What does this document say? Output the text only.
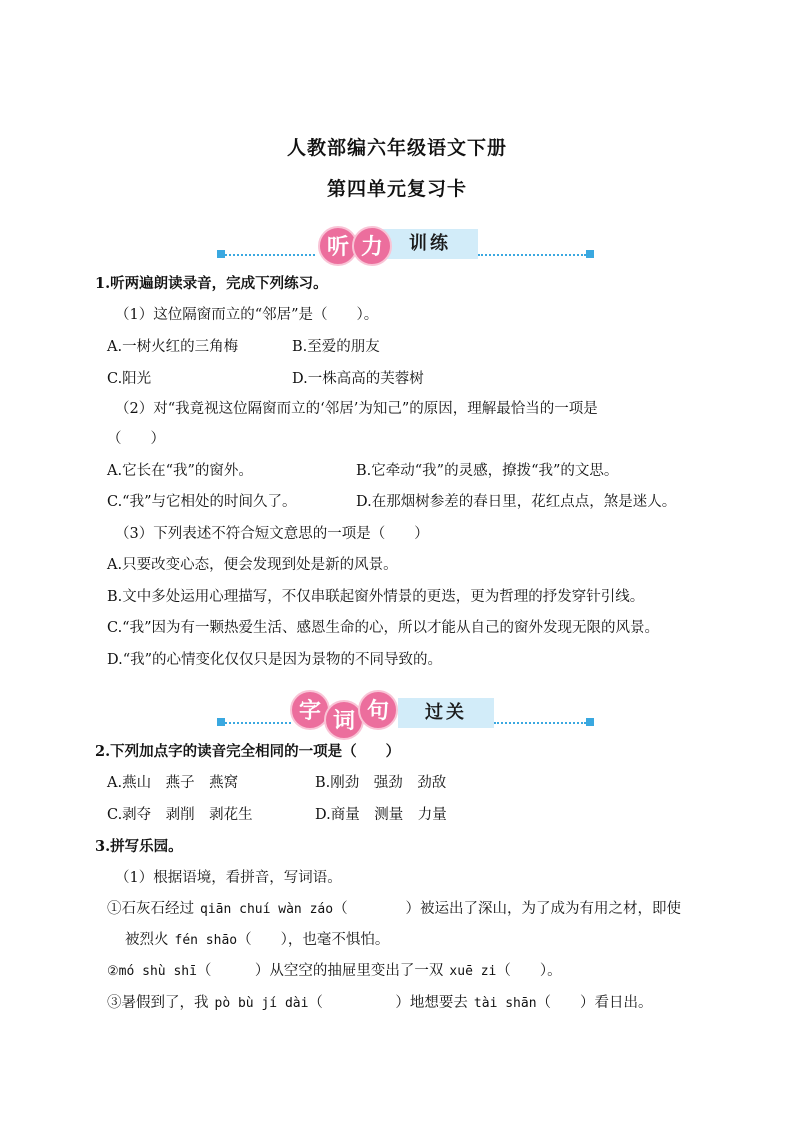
人教部编六年级语文下册
第四单元复习卡
训练
听 力
1.听两遍朗读录音，完成下列练习。
（1）这位隔窗而立的“邻居”是（　　）。
A.一树火红的三角梅	B.至爱的朋友
C.阳光	D.一株高高的芙蓉树
（2）对“我竟视这位隔窗而立的‘邻居’为知己”的原因，理解最恰当的一项是
（　　）
A.它长在“我”的窗外。	B.它牵动“我”的灵感，撩拨“我”的文思。
C.“我”与它相处的时间久了。	D.在那烟树参差的春日里，花红点点，煞是迷人。
（3）下列表述不符合短文意思的一项是（　　）
A.只要改变心态，便会发现到处是新的风景。
B.文中多处运用心理描写，不仅串联起窗外情景的更迭，更为哲理的抒发穿针引线。
C.“我”因为有一颗热爱生活、感恩生命的心，所以才能从自己的窗外发现无限的风景。
D.“我”的心情变化仅仅只是因为景物的不同导致的。
过关
字 词 句
2.下列加点字的读音完全相同的一项是（　　）
A.燕山　燕子　燕窝	B.刚劲　强劲　劲敌
C.剥夺　剥削　剥花生	D.商量　测量　力量
3.拼写乐园。
（1）根据语境，看拼音，写词语。
①石灰石经过 qiān chuí wàn záo（　　　　）被运出了深山，为了成为有用之材，即使
被烈火 fén shāo（　　），也毫不惧怕。
②mó shù shī（　　　）从空空的抽屉里变出了一双 xuē zi（　　）。
③暑假到了，我 pò bù jí dài（　　　　　）地想要去 tài shān（　　）看日出。
